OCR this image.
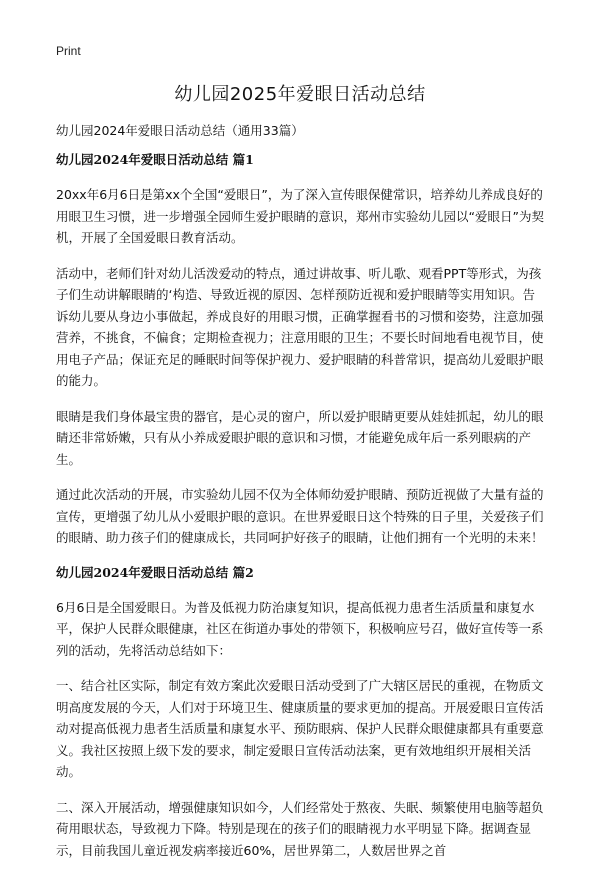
Print
幼儿园2025年爱眼日活动总结

幼儿园2024年爱眼日活动总结（通用33篇）

幼儿园2024年爱眼日活动总结 篇1

20xx年6月6日是第xx个全国“爱眼日”，为了深入宣传眼保健常识，培养幼儿养成良好的用眼卫生习惯，进一步增强全园师生爱护眼睛的意识，郑州市实验幼儿园以“爱眼日”为契机，开展了全国爱眼日教育活动。

活动中，老师们针对幼儿活泼爱动的特点，通过讲故事、听儿歌、观看PPT等形式，为孩子们生动讲解眼睛的‘构造、导致近视的原因、怎样预防近视和爱护眼睛等实用知识。告诉幼儿要从身边小事做起，养成良好的用眼习惯，正确掌握看书的习惯和姿势，注意加强营养，不挑食，不偏食；定期检查视力；注意用眼的卫生；不要长时间地看电视节目，使用电子产品；保证充足的睡眠时间等保护视力、爱护眼睛的科普常识，提高幼儿爱眼护眼的能力。

眼睛是我们身体最宝贵的器官，是心灵的窗户，所以爱护眼睛更要从娃娃抓起，幼儿的眼睛还非常娇嫩，只有从小养成爱眼护眼的意识和习惯，才能避免成年后一系列眼病的产生。

通过此次活动的开展，市实验幼儿园不仅为全体师幼爱护眼睛、预防近视做了大量有益的宣传，更增强了幼儿从小爱眼护眼的意识。在世界爱眼日这个特殊的日子里，关爱孩子们的眼睛、助力孩子们的健康成长，共同呵护好孩子的眼睛，让他们拥有一个光明的未来！

幼儿园2024年爱眼日活动总结 篇2

6月6日是全国爱眼日。为普及低视力防治康复知识，提高低视力患者生活质量和康复水平，保护人民群众眼健康，社区在街道办事处的带领下，积极响应号召，做好宣传等一系列的活动，先将活动总结如下：

一、结合社区实际，制定有效方案此次爱眼日活动受到了广大辖区居民的重视，在物质文明高度发展的今天，人们对于环境卫生、健康质量的要求更加的提高。开展爱眼日宣传活动对提高低视力患者生活质量和康复水平、预防眼病、保护人民群众眼健康都具有重要意义。我社区按照上级下发的要求，制定爱眼日宣传活动法案，更有效地组织开展相关活动。

二、深入开展活动，增强健康知识如今，人们经常处于熬夜、失眠、频繁使用电脑等超负荷用眼状态，导致视力下降。特别是现在的孩子们的眼睛视力水平明显下降。据调查显示，目前我国儿童近视发病率接近60%，居世界第二，人数居世界之首
